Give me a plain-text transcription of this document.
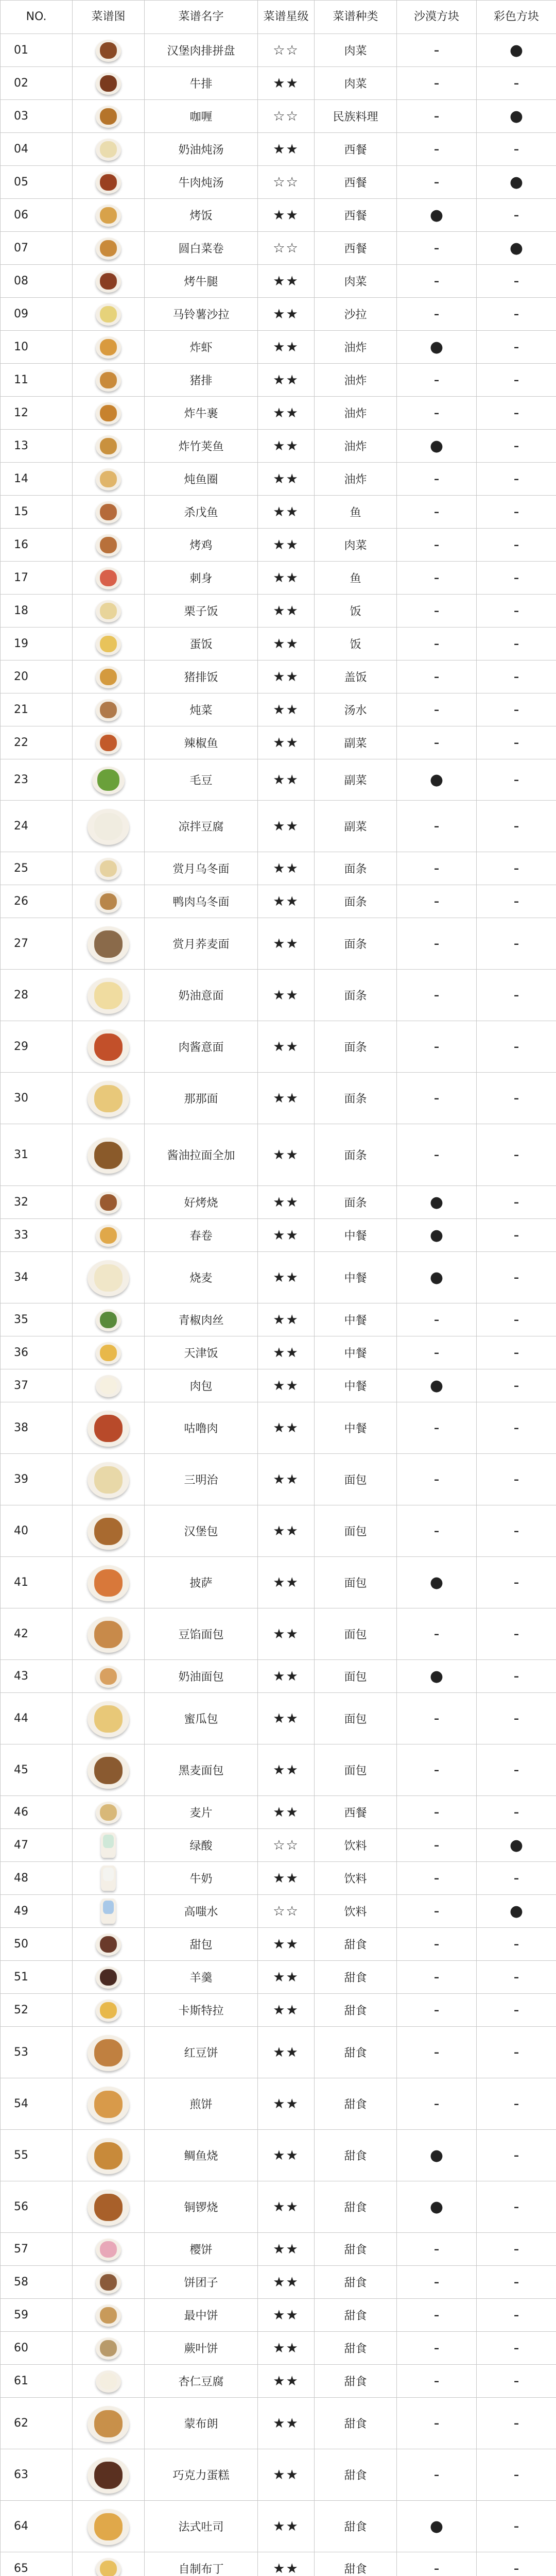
NO.	菜谱图	菜谱名字	菜谱星级	菜谱种类	沙漠方块	彩色方块
01		汉堡肉排拼盘	☆☆	肉菜	-	●
02		牛排	★★	肉菜	-	-
03		咖喱	☆☆	民族料理	-	●
04		奶油炖汤	★★	西餐	-	-
05		牛肉炖汤	☆☆	西餐	-	●
06		烤饭	★★	西餐	●	-
07		圆白菜卷	☆☆	西餐	-	●
08		烤牛腿	★★	肉菜	-	-
09		马铃薯沙拉	★★	沙拉	-	-
10		炸虾	★★	油炸	●	-
11		猪排	★★	油炸	-	-
12		炸牛裹	★★	油炸	-	-
13		炸竹荚鱼	★★	油炸	●	-
14		炖鱼圈	★★	油炸	-	-
15		杀戊鱼	★★	鱼	-	-
16		烤鸡	★★	肉菜	-	-
17		刺身	★★	鱼	-	-
18		栗子饭	★★	饭	-	-
19		蛋饭	★★	饭	-	-
20		猪排饭	★★	盖饭	-	-
21		炖菜	★★	汤水	-	-
22		辣椒鱼	★★	副菜	-	-
23		毛豆	★★	副菜	●	-
24		凉拌豆腐	★★	副菜	-	-
25		赏月乌冬面	★★	面条	-	-
26		鸭肉乌冬面	★★	面条	-	-
27		赏月荞麦面	★★	面条	-	-
28		奶油意面	★★	面条	-	-
29		肉酱意面	★★	面条	-	-
30		那那面	★★	面条	-	-
31		酱油拉面全加	★★	面条	-	-
32		好烤烧	★★	面条	●	-
33		春卷	★★	中餐	●	-
34		烧麦	★★	中餐	●	-
35		青椒肉丝	★★	中餐	-	-
36		天津饭	★★	中餐	-	-
37		肉包	★★	中餐	●	-
38		咕噜肉	★★	中餐	-	-
39		三明治	★★	面包	-	-
40		汉堡包	★★	面包	-	-
41		披萨	★★	面包	●	-
42		豆馅面包	★★	面包	-	-
43		奶油面包	★★	面包	●	-
44		蜜瓜包	★★	面包	-	-
45		黑麦面包	★★	面包	-	-
46		麦片	★★	西餐	-	-
47		绿酸	☆☆	饮料	-	●
48		牛奶	★★	饮料	-	-
49		高嗤水	☆☆	饮料	-	●
50		甜包	★★	甜食	-	-
51		羊羹	★★	甜食	-	-
52		卡斯特拉	★★	甜食	-	-
53		红豆饼	★★	甜食	-	-
54		煎饼	★★	甜食	-	-
55		鲷鱼烧	★★	甜食	●	-
56		铜锣烧	★★	甜食	●	-
57		樱饼	★★	甜食	-	-
58		饼团子	★★	甜食	-	-
59		最中饼	★★	甜食	-	-
60		蕨叶饼	★★	甜食	-	-
61		杏仁豆腐	★★	甜食	-	-
62		蒙布朗	★★	甜食	-	-
63		巧克力蛋糕	★★	甜食	-	-
64		法式吐司	★★	甜食	●	-
65		自制布丁	★★	甜食	-	-
